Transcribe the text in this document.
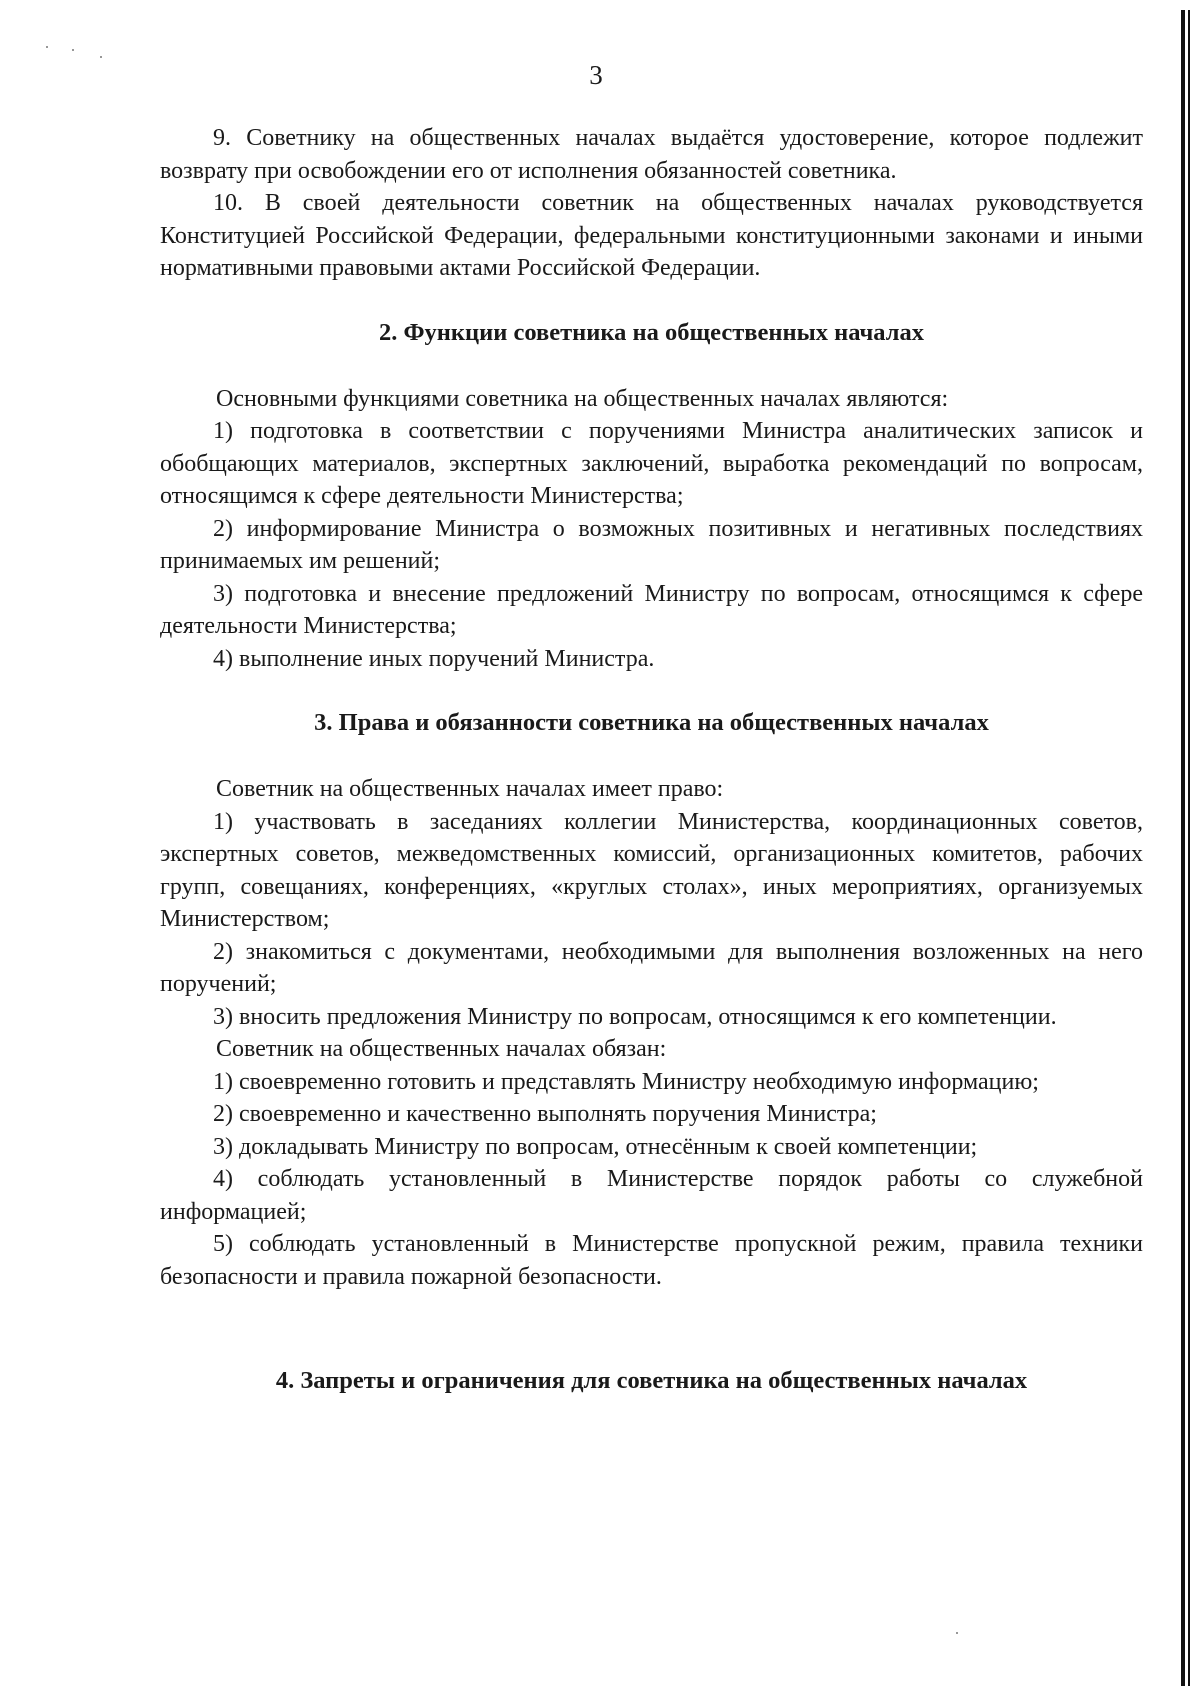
3

9. Советнику на общественных началах выдаётся удостоверение, которое подлежит возврату при освобождении его от исполнения обязанностей советника.

10. В своей деятельности советник на общественных началах руководствуется Конституцией Российской Федерации, федеральными конституционными законами и иными нормативными правовыми актами Российской Федерации.

2. Функции советника на общественных началах

Основными функциями советника на общественных началах являются:

1) подготовка в соответствии с поручениями Министра аналитических записок и обобщающих материалов, экспертных заключений, выработка рекомендаций по вопросам, относящимся к сфере деятельности Министерства;

2) информирование Министра о возможных позитивных и негативных последствиях принимаемых им решений;

3) подготовка и внесение предложений Министру по вопросам, относящимся к сфере деятельности Министерства;

4) выполнение иных поручений Министра.

3. Права и обязанности советника на общественных началах

Советник на общественных началах имеет право:

1) участвовать в заседаниях коллегии Министерства, координационных советов, экспертных советов, межведомственных комиссий, организационных комитетов, рабочих групп, совещаниях, конференциях, «круглых столах», иных мероприятиях, организуемых Министерством;

2) знакомиться с документами, необходимыми для выполнения возложенных на него поручений;

3) вносить предложения Министру по вопросам, относящимся к его компетенции.

Советник на общественных началах обязан:

1) своевременно готовить и представлять Министру необходимую информацию;

2) своевременно и качественно выполнять поручения Министра;

3) докладывать Министру по вопросам, отнесённым к своей компетенции;

4) соблюдать установленный в Министерстве порядок работы со служебной информацией;

5) соблюдать установленный в Министерстве пропускной режим, правила техники безопасности и правила пожарной безопасности.

4. Запреты и ограничения для советника на общественных началах
